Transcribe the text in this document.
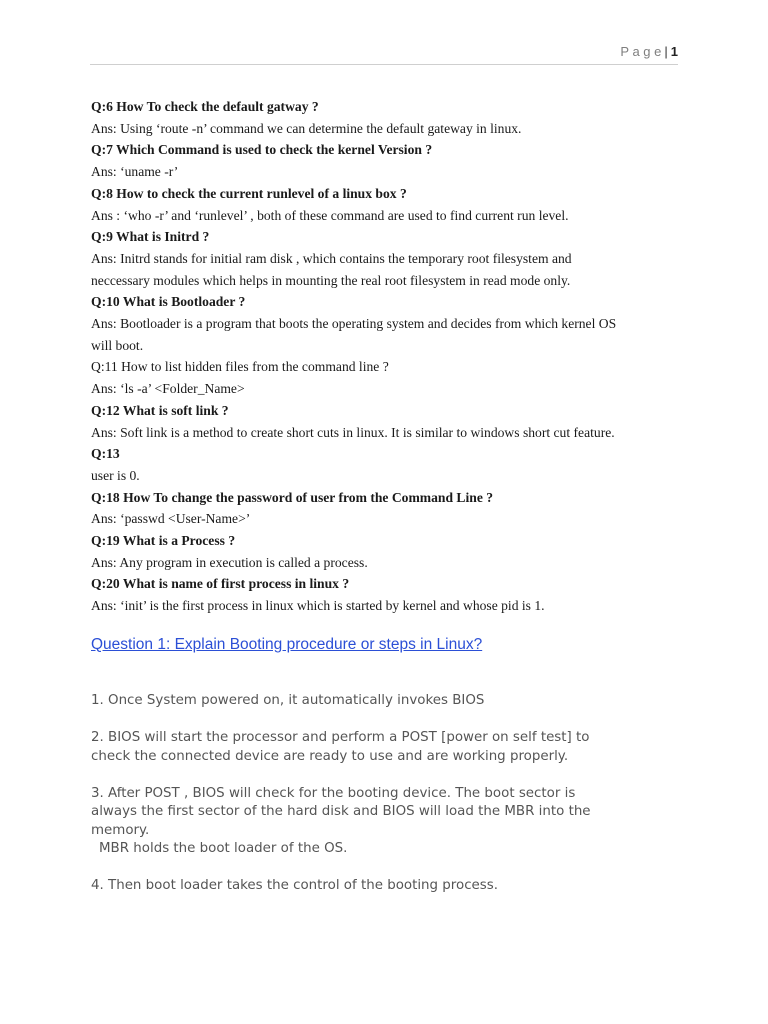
P a g e | 1

Q:6 How To check the default gatway ?

Ans: Using ‘route -n’ command we can determine the default gateway in linux.

Q:7 Which Command is used to check the kernel Version ?

Ans: ‘uname -r’

Q:8 How to check the current runlevel of a linux box ?

Ans : ‘who -r’ and ‘runlevel’ , both of these command are used to find current run level.

Q:9 What is Initrd ?

Ans: Initrd stands for initial ram disk , which contains the temporary root filesystem and

neccessary modules which helps in mounting the real root filesystem in read mode only.

Q:10 What is Bootloader ?

Ans: Bootloader is a program that boots the operating system and decides from which kernel OS

will boot.

Q:11 How to list hidden files from the command line ?

Ans: ‘ls -a’ <Folder_Name>

Q:12 What is soft link ?

Ans: Soft link is a method to create short cuts in linux. It is similar to windows short cut feature.

Q:13

user is 0.

Q:18 How To change the password of user from the Command Line ?

Ans: ‘passwd <User-Name>’

Q:19 What is a Process ?

Ans: Any program in execution is called a process.

Q:20 What is name of first process in linux ?

Ans: ‘init’ is the first process in linux which is started by kernel and whose pid is 1.

Question 1: Explain Booting procedure or steps in Linux?

1. Once System powered on, it automatically invokes BIOS

2. BIOS will start the processor and perform a POST [power on self test] to
check the connected device are ready to use and are working properly.

3. After POST , BIOS will check for the booting device. The boot sector is
always the first sector of the hard disk and BIOS will load the MBR into the
memory.
MBR holds the boot loader of the OS.

4. Then boot loader takes the control of the booting process.
